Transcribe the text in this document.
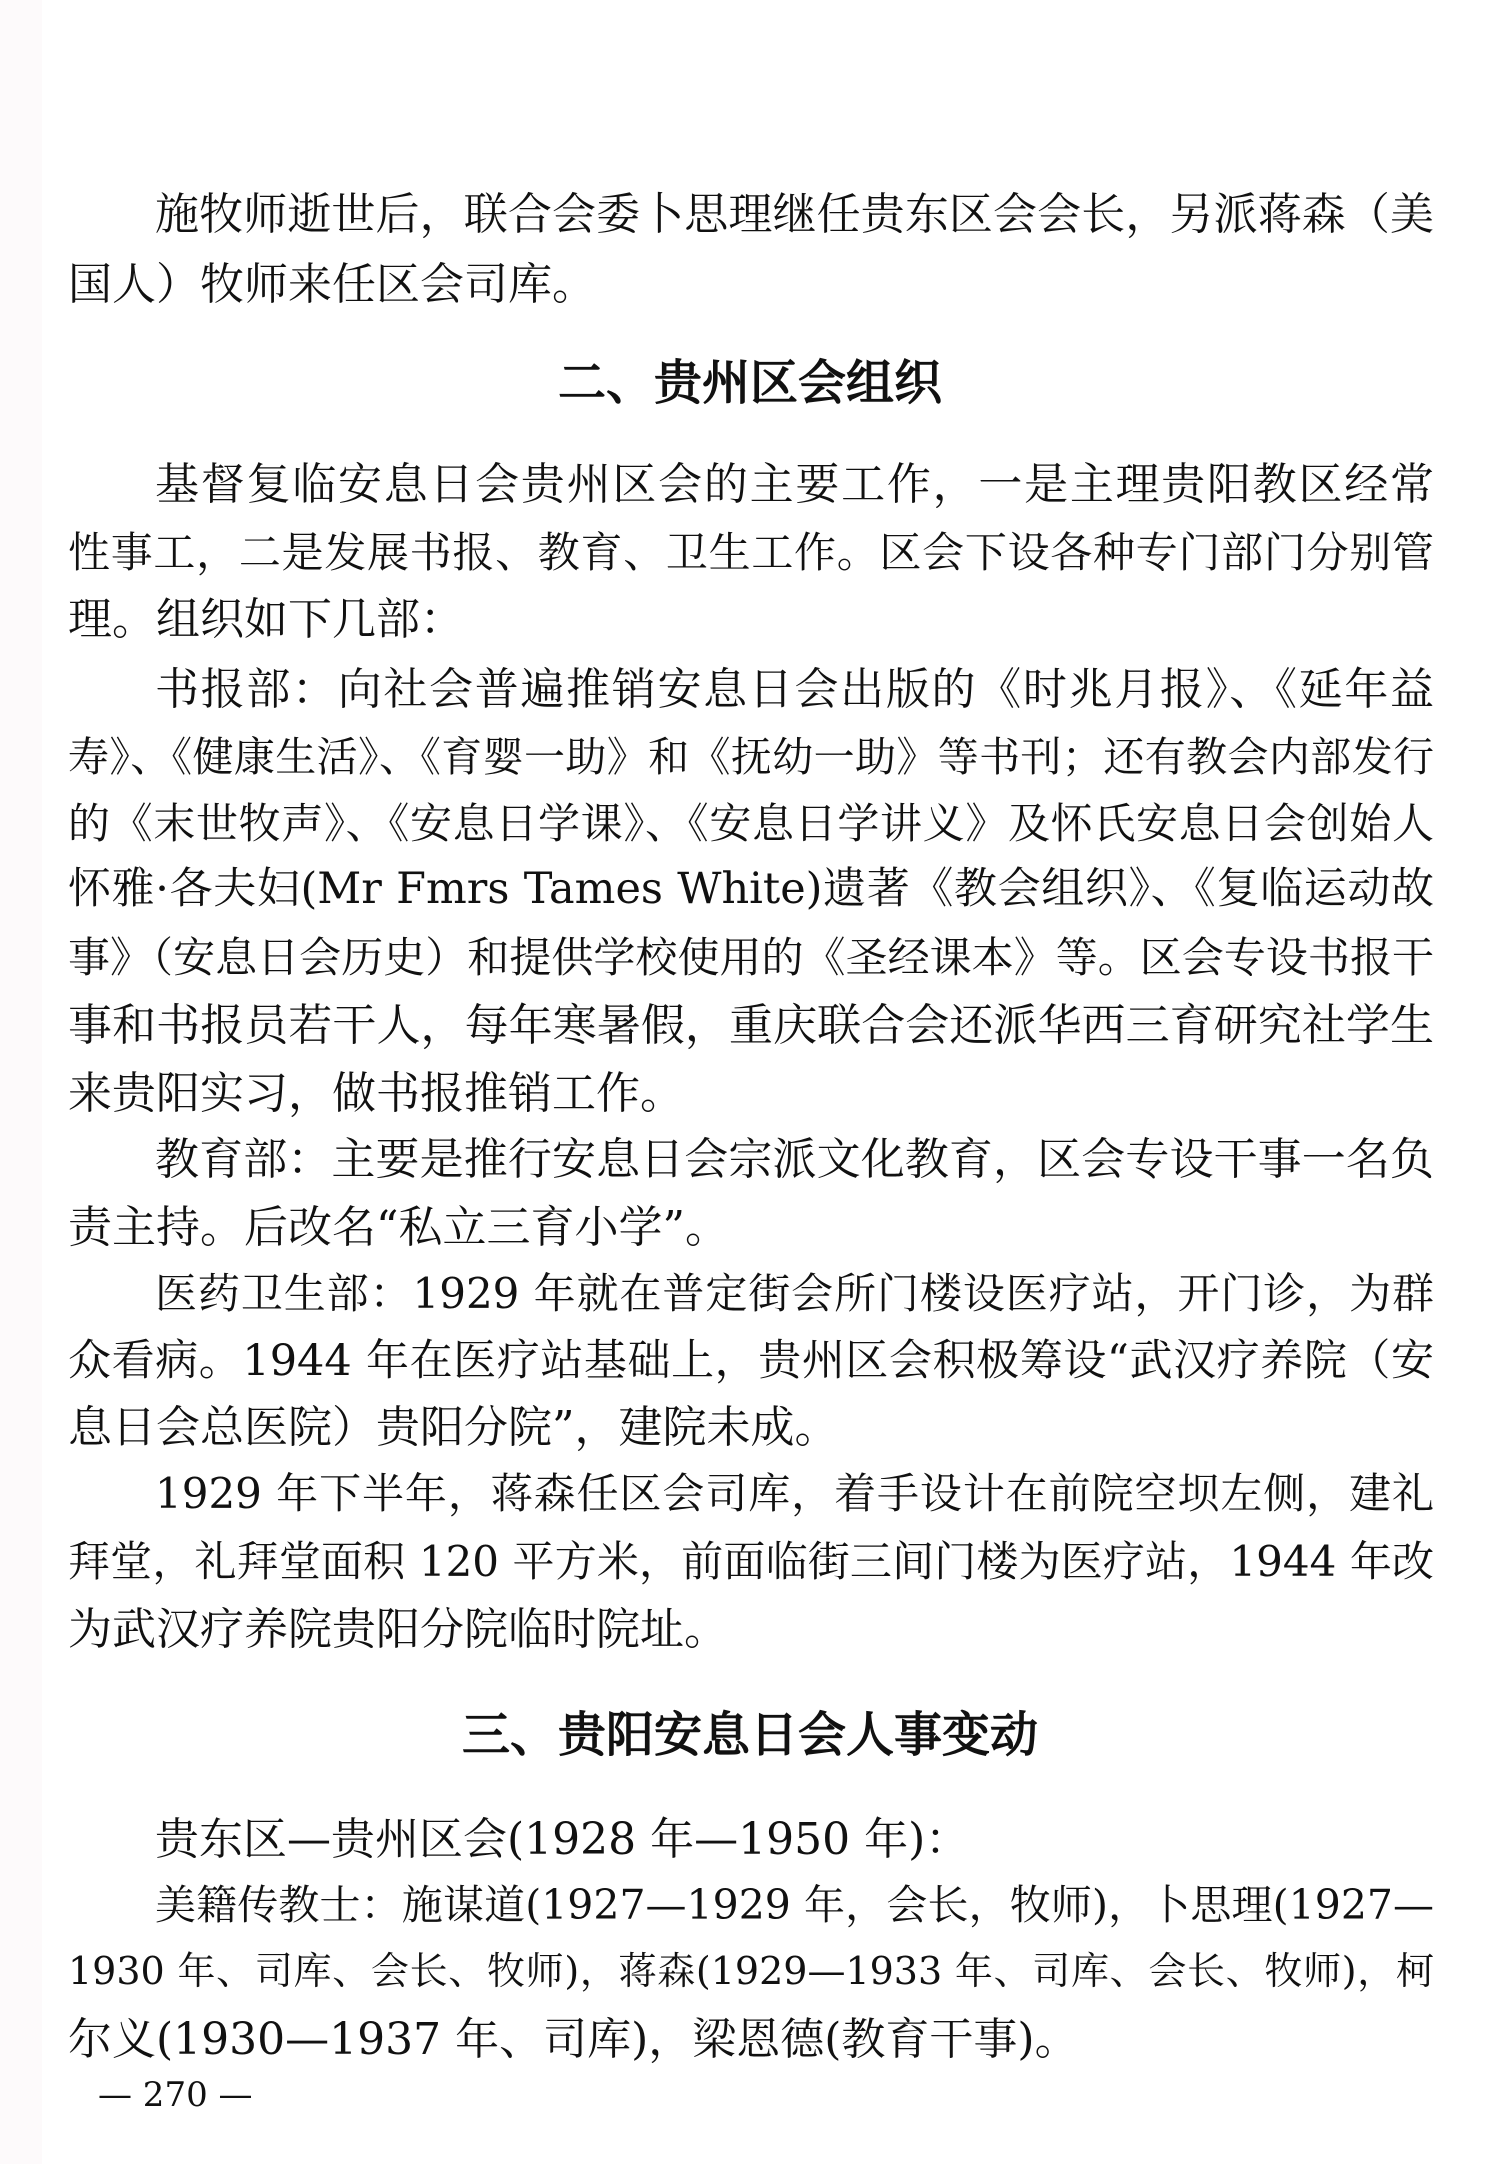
施牧师逝世后，联合会委卜思理继任贵东区会会长，另派蒋森（美
国人）牧师来任区会司库。
二、贵州区会组织
基督复临安息日会贵州区会的主要工作，一是主理贵阳教区经常
性事工，二是发展书报、教育、卫生工作。区会下设各种专门部门分别管
理。组织如下几部：
书报部：向社会普遍推销安息日会出版的《时兆月报》、《延年益
寿》、《健康生活》、《育婴一助》和《抚幼一助》等书刊；还有教会内部发行
的《末世牧声》、《安息日学课》、《安息日学讲义》及怀氏安息日会创始人
怀雅·各夫妇(Mr Fmrs Tames White)遗著《教会组织》、《复临运动故
事》（安息日会历史）和提供学校使用的《圣经课本》等。区会专设书报干
事和书报员若干人，每年寒暑假，重庆联合会还派华西三育研究社学生
来贵阳实习，做书报推销工作。
教育部：主要是推行安息日会宗派文化教育，区会专设干事一名负
责主持。后改名“私立三育小学”。
医药卫生部：1929 年就在普定街会所门楼设医疗站，开门诊，为群
众看病。1944 年在医疗站基础上，贵州区会积极筹设“武汉疗养院（安
息日会总医院）贵阳分院”，建院未成。
1929 年下半年，蒋森任区会司库，着手设计在前院空坝左侧，建礼
拜堂，礼拜堂面积 120 平方米，前面临街三间门楼为医疗站，1944 年改
为武汉疗养院贵阳分院临时院址。
三、贵阳安息日会人事变动
贵东区—贵州区会(1928 年—1950 年)：
美籍传教士：施谋道(1927—1929 年，会长，牧师)，卜思理(1927—
1930 年、司库、会长、牧师)，蒋森(1929—1933 年、司库、会长、牧师)，柯
尔义(1930—1937 年、司库)，梁恩德(教育干事)。
— 270 —
